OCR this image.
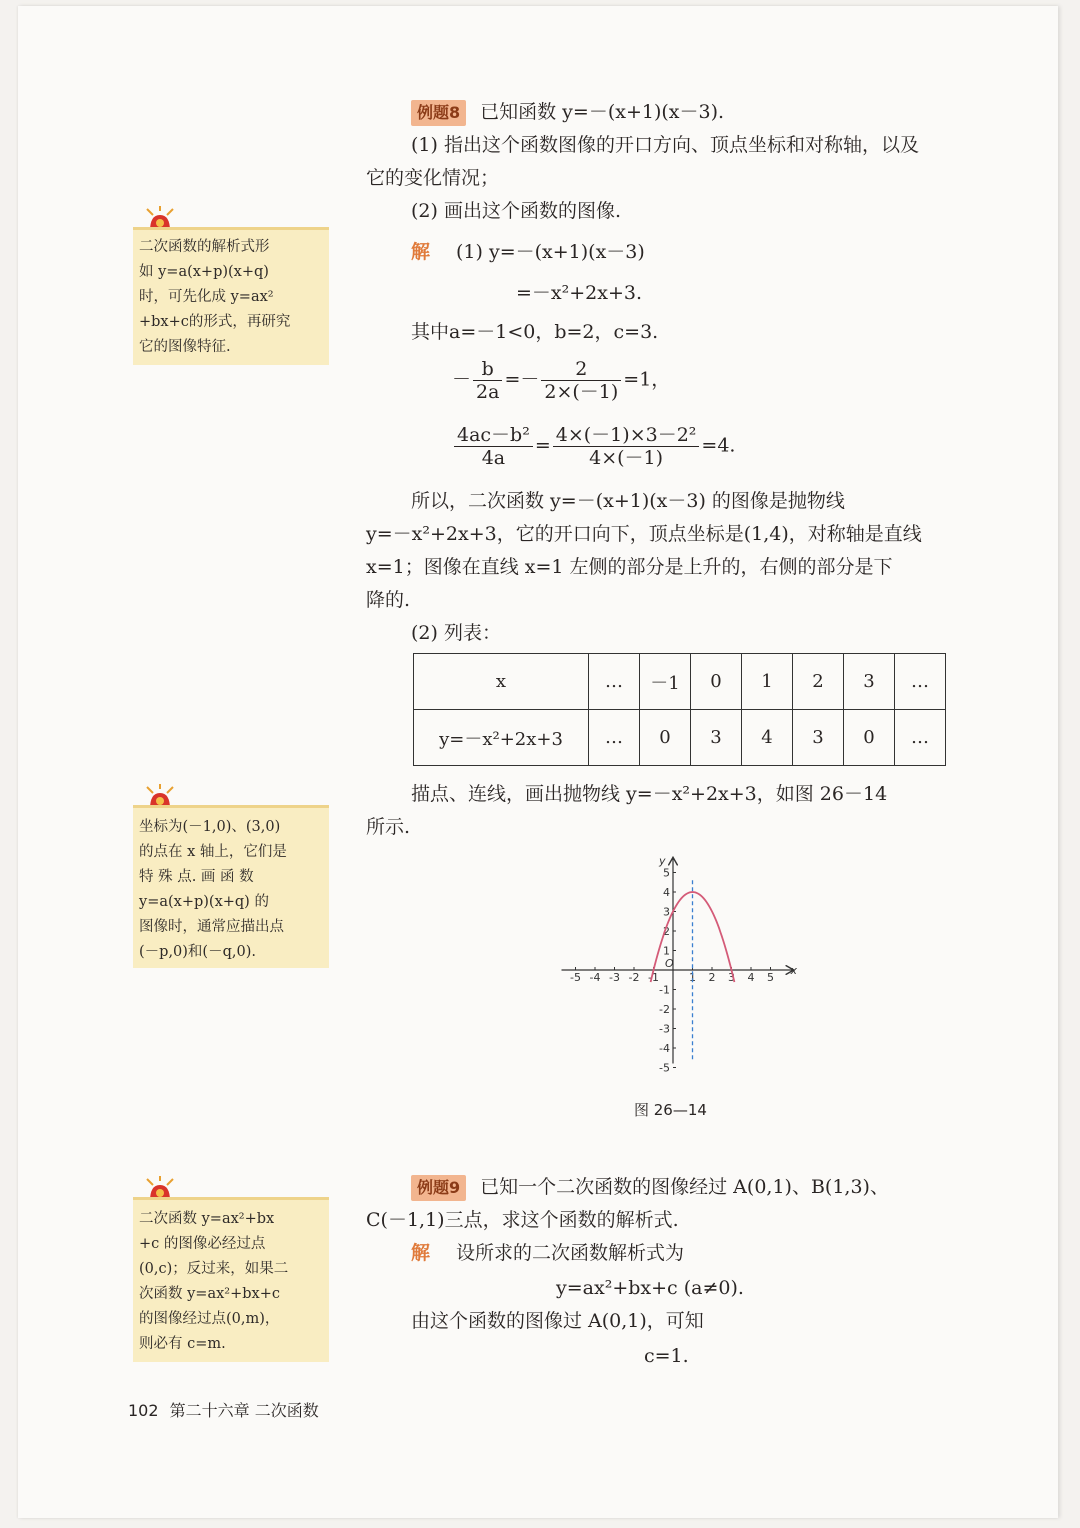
例题8 已知函数 y=－(x+1)(x－3).
(1) 指出这个函数图像的开口方向、顶点坐标和对称轴，以及
它的变化情况；
(2) 画出这个函数的图像.
解 (1) y=－(x+1)(x－3)
=－x²+2x+3.
其中a=－1<0，b=2，c=3.
－ $\frac{b}{2a} =- \frac{2}{2\times(-1)} =1$，
$\frac{\text{4ac－b²}}{4a} = \frac{\text{4×(－1)×3－2²}}{4\times(-1)} =4$.
所以，二次函数 y=－(x+1)(x－3) 的图像是抛物线
y=－x²+2x+3，它的开口向下，顶点坐标是(1,4)，对称轴是直线
x=1；图像在直线 x=1 左侧的部分是上升的，右侧的部分是下
降的.
(2) 列表：
x	…	－1	0	1	2	3	…
y=－x²+2x+3	…	0	3	4	3	0	…
描点、连线，画出抛物线 y=－x²+2x+3，如图 26－14
所示.
-5 -4 -3 -2 -1	1 2 3 4 5
5
4
3
2
1
-1
-2
-3
-4
-5
x
y
O
图 26—14
例题9 已知一个二次函数的图像经过 A(0,1)、B(1,3)、
C(－1,1)三点，求这个函数的解析式.
解 设所求的二次函数解析式为
y=ax²+bx+c (a≠0).
由这个函数的图像过 A(0,1)，可知
c=1.
二次函数的解析式形
如 y=a(x+p)(x+q)
时，可先化成 y=ax²
+bx+c的形式，再研究
它的图像特征.
坐标为(－1,0)、(3,0)
的点在 x 轴上，它们是
特 殊 点. 画 函 数
y=a(x+p)(x+q) 的
图像时，通常应描出点
(－p,0)和(－q,0).
二次函数 y=ax²+bx
+c 的图像必经过点
(0,c)；反过来，如果二
次函数 y=ax²+bx+c
的图像经过点(0,m)，
则必有 c=m.
102 第二十六章 二次函数
